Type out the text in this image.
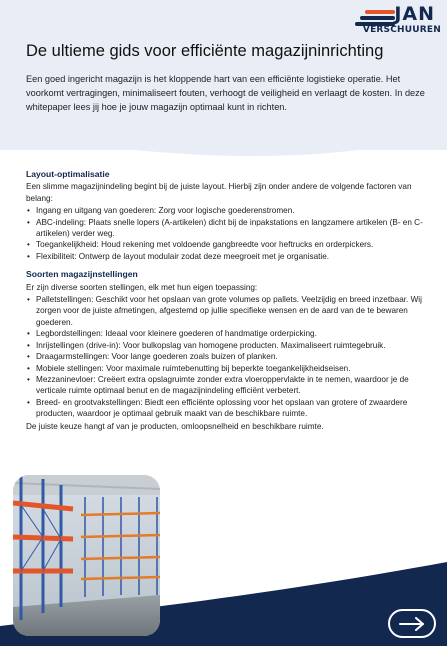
JAN
VERSCHUUREN
De ultieme gids voor efficiënte magazijninrichting

Een goed ingericht magazijn is het kloppende hart van een efficiënte logistieke operatie. Het voorkomt vertragingen, minimaliseert fouten, verhoogt de veiligheid en verlaagt de kosten. In deze whitepaper lees jij hoe je jouw magazijn optimaal kunt in richten.

Layout-optimalisatie
Een slimme magazijnindeling begint bij de juiste layout. Hierbij zijn onder andere de volgende factoren van belang:
• Ingang en uitgang van goederen: Zorg voor logische goederenstromen.
• ABC-indeling: Plaats snelle lopers (A-artikelen) dicht bij de inpakstations en langzamere artikelen (B- en C-artikelen) verder weg.
• Toegankelijkheid: Houd rekening met voldoende gangbreedte voor heftrucks en orderpickers.
• Flexibiliteit: Ontwerp de layout modulair zodat deze meegroeit met je organisatie.
Soorten magazijnstellingen
Er zijn diverse soorten stellingen, elk met hun eigen toepassing:
• Palletstellingen: Geschikt voor het opslaan van grote volumes op pallets. Veelzijdig en breed inzetbaar. Wij zorgen voor de juiste afmetingen, afgestemd op jullie specifieke wensen en de aard van de te bewaren goederen.
• Legbordstellingen: Ideaal voor kleinere goederen of handmatige orderpicking.
• Inrijstellingen (drive-in): Voor bulkopslag van homogene producten. Maximaliseert ruimtegebruik.
• Draagarmstellingen: Voor lange goederen zoals buizen of planken.
• Mobiele stellingen: Voor maximale ruimtebenutting bij beperkte toegankelijkheidseisen.
• Mezzaninevloer: Creëert extra opslagruimte zonder extra vloeroppervlakte in te nemen, waardoor je de verticale ruimte optimaal benut en de magazijnindeling efficiënt verbetert.
• Breed- en grootvakstellingen: Biedt een efficiënte oplossing voor het opslaan van grotere of zwaardere producten, waardoor je optimaal gebruik maakt van de beschikbare ruimte.
De juiste keuze hangt af van je producten, omloopsnelheid en beschikbare ruimte.
